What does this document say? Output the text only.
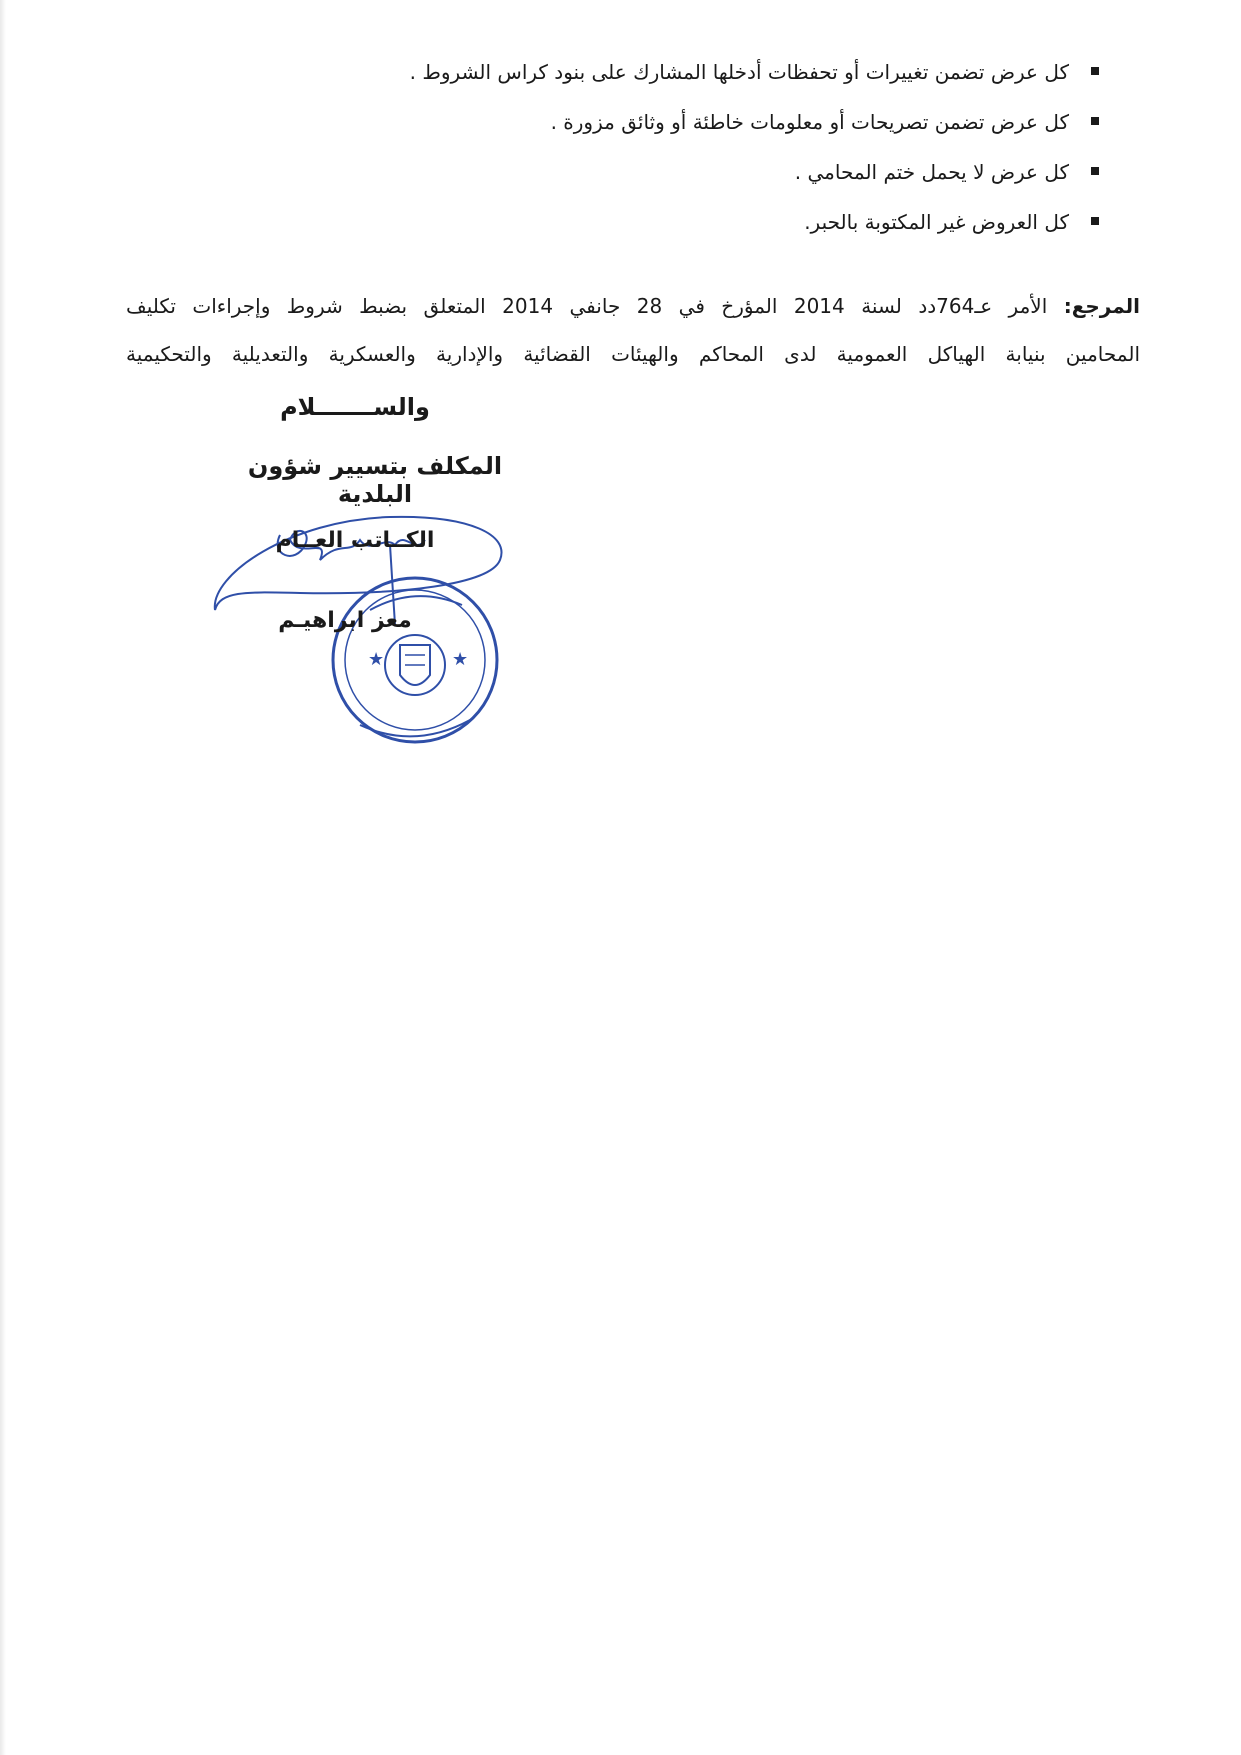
كل عرض تضمن تغييرات أو تحفظات أدخلها المشارك على بنود كراس الشروط .
كل عرض تضمن تصريحات أو معلومات خاطئة أو وثائق مزورة .
كل عرض لا يحمل ختم المحامي .
كل العروض غير المكتوبة بالحبر.
المرجع: الأمر عـ764دد لسنة 2014 المؤرخ في 28 جانفي 2014 المتعلق بضبط شروط وإجراءات تكليف
المحامين بنيابة الهياكل العمومية لدى المحاكم والهيئات القضائية والإدارية والعسكرية والتعديلية والتحكيمية
والســـــــلام
المكلف بتسيير شؤون البلدية
★	★
الكــاتب العــام
معز ابراهيـم
